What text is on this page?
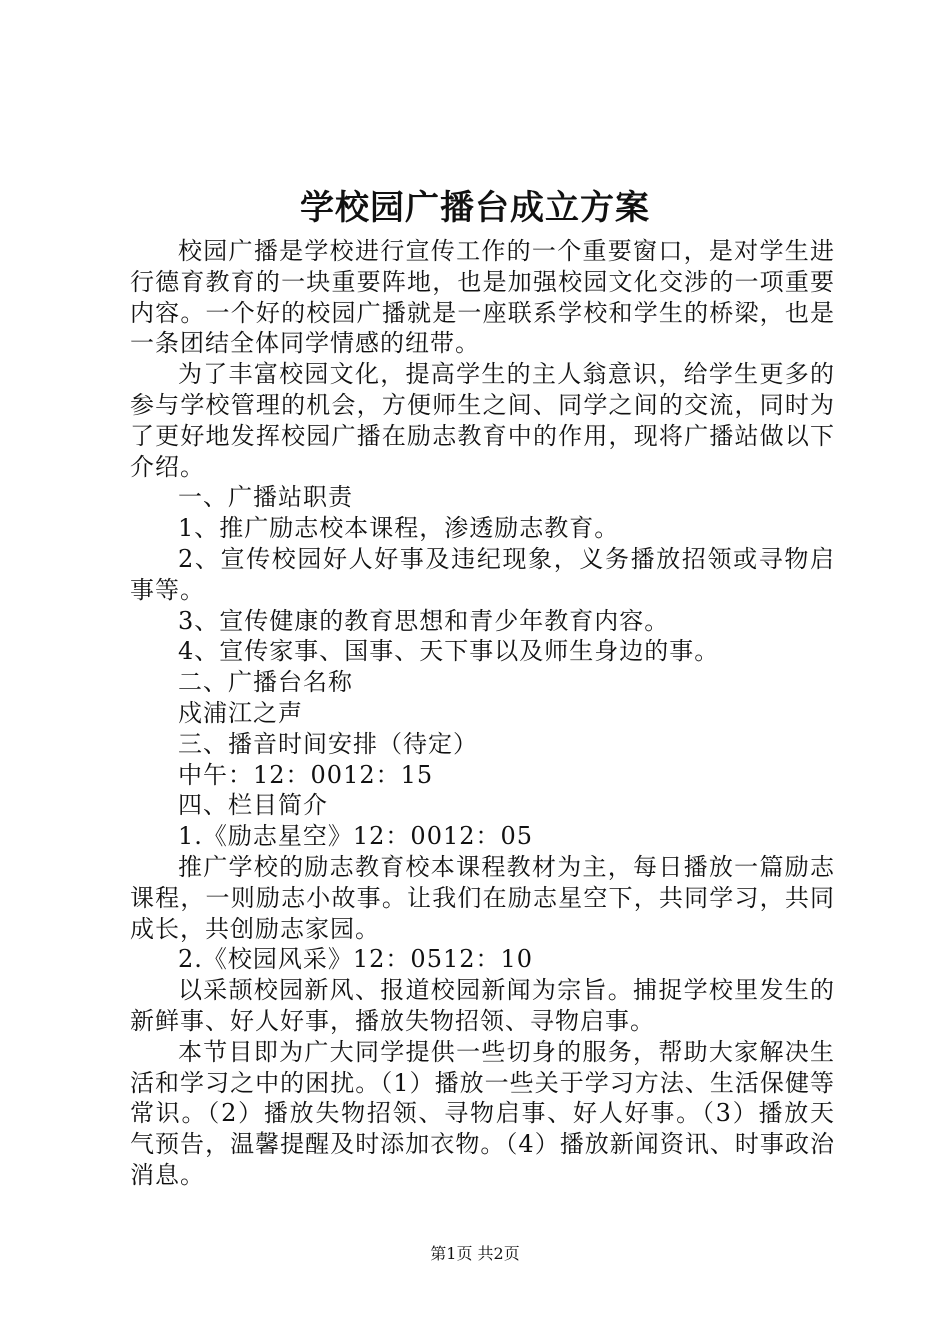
学校园广播台成立方案

校园广播是学校进行宣传工作的一个重要窗口，是对学生进行德育教育的一块重要阵地，也是加强校园文化交涉的一项重要内容。一个好的校园广播就是一座联系学校和学生的桥梁，也是一条团结全体同学情感的纽带。

为了丰富校园文化，提高学生的主人翁意识，给学生更多的参与学校管理的机会，方便师生之间、同学之间的交流，同时为了更好地发挥校园广播在励志教育中的作用，现将广播站做以下介绍。

一、广播站职责

1、推广励志校本课程，渗透励志教育。

2、宣传校园好人好事及违纪现象，义务播放招领或寻物启事等。

3、宣传健康的教育思想和青少年教育内容。

4、宣传家事、国事、天下事以及师生身边的事。

二、广播台名称

戍浦江之声

三、播音时间安排（待定）

中午：12：0012：15

四、栏目简介

1.《励志星空》12：0012：05

推广学校的励志教育校本课程教材为主，每日播放一篇励志课程，一则励志小故事。让我们在励志星空下，共同学习，共同成长，共创励志家园。

2.《校园风采》12：0512：10

以采颉校园新风、报道校园新闻为宗旨。捕捉学校里发生的新鲜事、好人好事，播放失物招领、寻物启事。

本节目即为广大同学提供一些切身的服务，帮助大家解决生活和学习之中的困扰。（1）播放一些关于学习方法、生活保健等常识。（2）播放失物招领、寻物启事、好人好事。（3）播放天气预告，温馨提醒及时添加衣物。（4）播放新闻资讯、时事政治消息。

第1页 共2页
